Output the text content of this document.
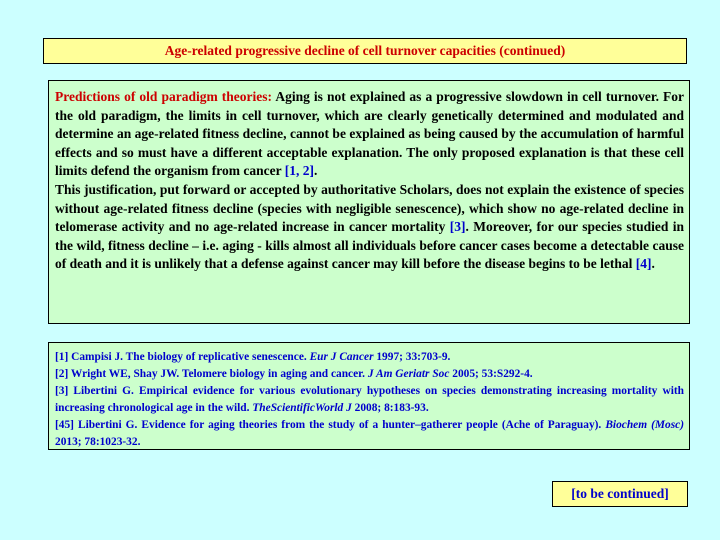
Age-related progressive decline of cell turnover capacities (continued)

Predictions of old paradigm theories: Aging is not explained as a progressive slowdown in cell turnover. For the old paradigm, the limits in cell turnover, which are clearly genetically determined and modulated and determine an age-related fitness decline, cannot be explained as being caused by the accumulation of harmful effects and so must have a different acceptable explanation. The only proposed explanation is that these cell limits defend the organism from cancer [1, 2].

This justification, put forward or accepted by authoritative Scholars, does not explain the existence of species without age-related fitness decline (species with negligible senescence), which show no age-related decline in telomerase activity and no age-related increase in cancer mortality [3]. Moreover, for our species studied in the wild, fitness decline – i.e. aging - kills almost all individuals before cancer cases become a detectable cause of death and it is unlikely that a defense against cancer may kill before the disease begins to be lethal [4].

[1] Campisi J. The biology of replicative senescence. Eur J Cancer 1997; 33:703-9.

[2] Wright WE, Shay JW. Telomere biology in aging and cancer. J Am Geriatr Soc 2005; 53:S292-4.

[3] Libertini G. Empirical evidence for various evolutionary hypotheses on species demonstrating increasing mortality with increasing chronological age in the wild. TheScientificWorld J 2008; 8:183-93.

[45] Libertini G. Evidence for aging theories from the study of a hunter–gatherer people (Ache of Paraguay). Biochem (Mosc) 2013; 78:1023-32.

[to be continued]
